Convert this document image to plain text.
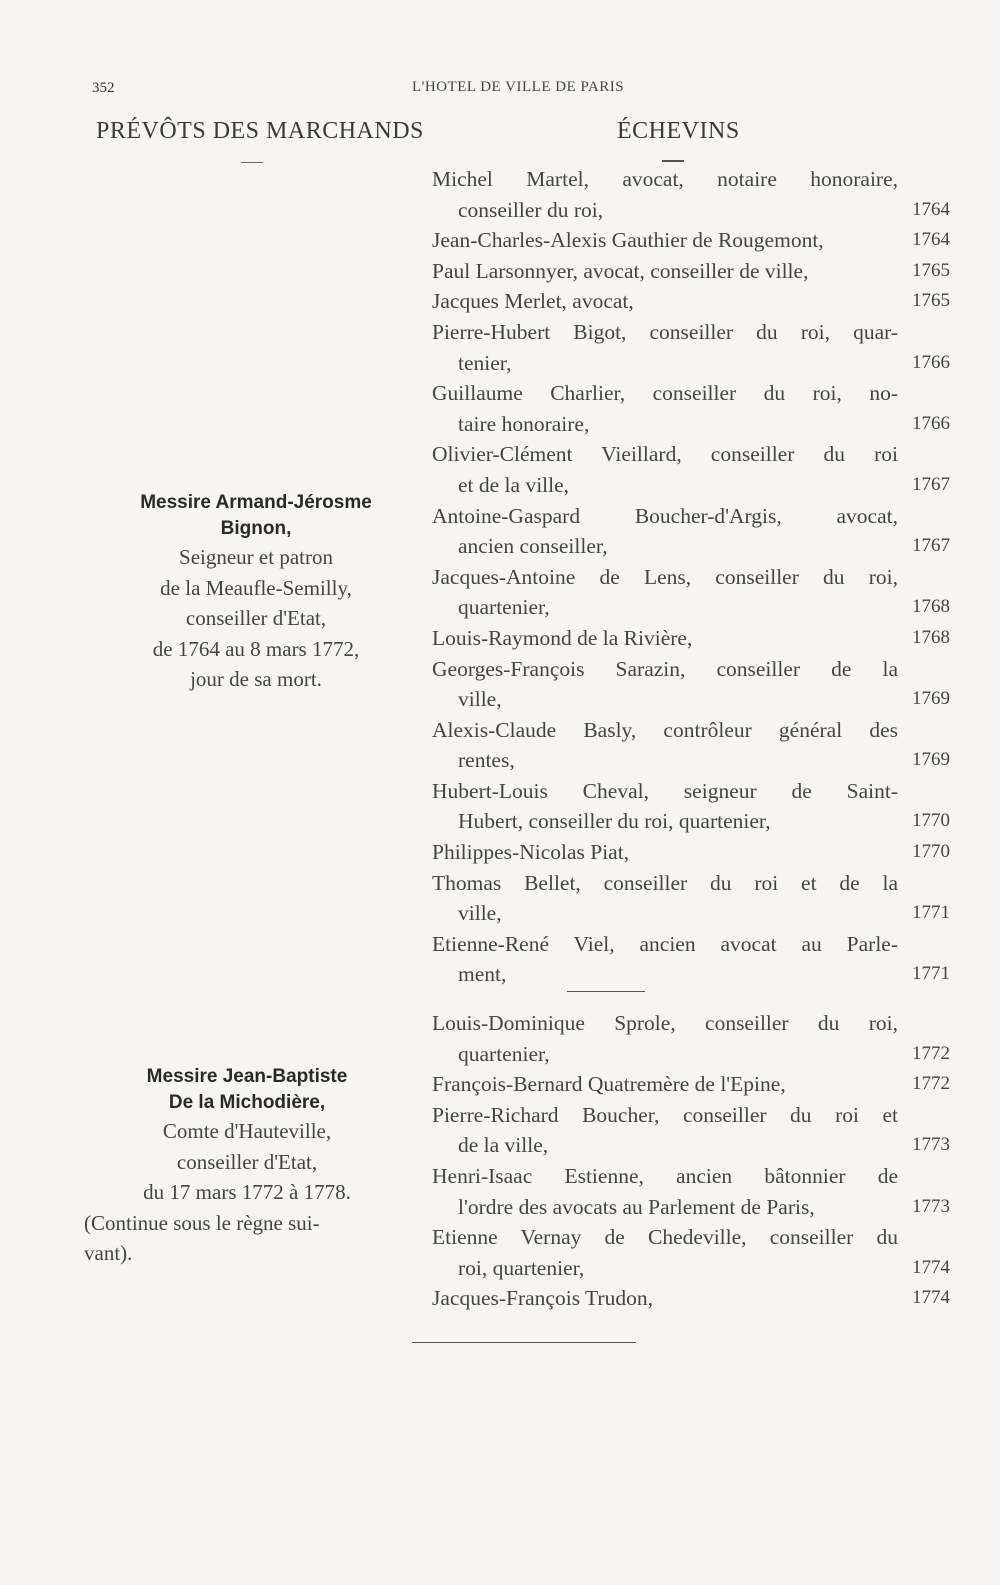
352	L'HOTEL DE VILLE DE PARIS
PRÉVÔTS DES MARCHANDS	ÉCHEVINS
Messire Armand-Jérosme
Bignon,
Seigneur et patron
de la Meaufle-Semilly,
conseiller d'Etat,
de 1764 au 8 mars 1772,
jour de sa mort.
Messire Jean-Baptiste
De la Michodière,
Comte d'Hauteville,
conseiller d'Etat,
du 17 mars 1772 à 1778.
(Continue sous le règne sui-
vant).
Michel Martel, avocat, notaire honoraire,
conseiller du roi,	1764
Jean-Charles-Alexis Gauthier de Rougemont,	1764
Paul Larsonnyer, avocat, conseiller de ville,	1765
Jacques Merlet, avocat,	1765
Pierre-Hubert Bigot, conseiller du roi, quar-
tenier,	1766
Guillaume Charlier, conseiller du roi, no-
taire honoraire,	1766
Olivier-Clément Vieillard, conseiller du roi
et de la ville,	1767
Antoine-Gaspard Boucher-d'Argis, avocat,
ancien conseiller,	1767
Jacques-Antoine de Lens, conseiller du roi,
quartenier,	1768
Louis-Raymond de la Rivière,	1768
Georges-François Sarazin, conseiller de la
ville,	1769
Alexis-Claude Basly, contrôleur général des
rentes,	1769
Hubert-Louis Cheval, seigneur de Saint-
Hubert, conseiller du roi, quartenier,	1770
Philippes-Nicolas Piat,	1770
Thomas Bellet, conseiller du roi et de la
ville,	1771
Etienne-René Viel, ancien avocat au Parle-
ment,	1771
Louis-Dominique Sprole, conseiller du roi,
quartenier,	1772
François-Bernard Quatremère de l'Epine,	1772
Pierre-Richard Boucher, conseiller du roi et
de la ville,	1773
Henri-Isaac Estienne, ancien bâtonnier de
l'ordre des avocats au Parlement de Paris,	1773
Etienne Vernay de Chedeville, conseiller du
roi, quartenier,	1774
Jacques-François Trudon,	1774
